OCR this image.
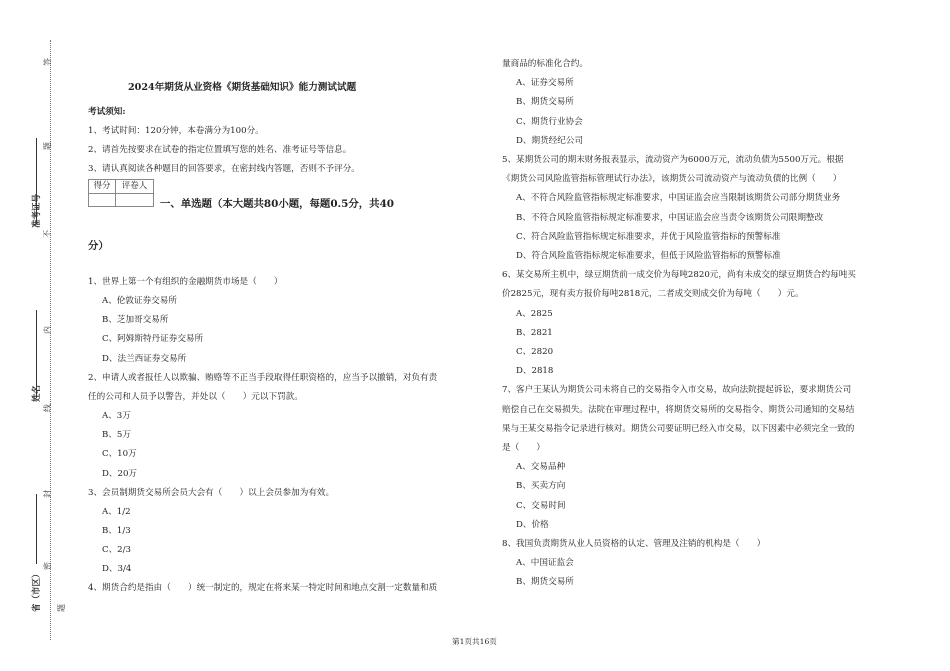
答
题
不
内
线
封
密
题
准考证号
姓名
省（市区）
2024年期货从业资格《期货基础知识》能力测试试题
考试须知:
1、考试时间：120分钟，本卷满分为100分。
2、请首先按要求在试卷的指定位置填写您的姓名、准考证号等信息。
3、请认真阅读各种题目的回答要求，在密封线内答题，否则不予评分。
得分	评卷人
一、单选题（本大题共80小题，每题0.5分，共40
分）
1、世界上第一个有组织的金融期货市场是（　　）
A、伦敦证券交易所
B、芝加哥交易所
C、阿姆斯特丹证券交易所
D、法兰西证券交易所
2、申请人或者报任人以欺骗、贿赂等不正当手段取得任职资格的，应当予以撤销，对负有责
任的公司和人员予以警告，并处以（　　）元以下罚款。
A、3万
B、5万
C、10万
D、20万
3、会员制期货交易所会员大会有（　　）以上会员参加为有效。
A、1/2
B、1/3
C、2/3
D、3/4
4、期货合约是指由（　　）统一制定的，规定在将来某一特定时间和地点交割一定数量和质
量商品的标准化合约。
A、证券交易所
B、期货交易所
C、期货行业协会
D、期货经纪公司
5、某期货公司的期末财务报表显示，流动资产为6000万元，流动负债为5500万元。根据
《期货公司风险监管指标管理试行办法》，该期货公司流动资产与流动负债的比例（　　）
A、不符合风险监管指标规定标准要求，中国证监会应当限制该期货公司部分期货业务
B、不符合风险监管指标规定标准要求，中国证监会应当责令该期货公司限期整改
C、符合风险监管指标规定标准要求，并优于风险监管指标的预警标准
D、符合风险监管指标规定标准要求，但低于风险监管指标的预警标准
6、某交易所主机中，绿豆期货前一成交价为每吨2820元，尚有未成交的绿豆期货合约每吨买
价2825元，现有卖方报价每吨2818元，二者成交则成交价为每吨（　　）元。
A、2825
B、2821
C、2820
D、2818
7、客户王某认为期货公司未将自己的交易指令入市交易，故向法院提起诉讼，要求期货公司
赔偿自己在交易损失。法院在审理过程中，将期货交易所的交易指令、期货公司通知的交易结
果与王某交易指令记录进行核对。期货公司要证明已经入市交易，以下因素中必须完全一致的
是（　　）
A、交易品种
B、买卖方向
C、交易时间
D、价格
8、我国负责期货从业人员资格的认定、管理及注销的机构是（　　）
A、中国证监会
B、期货交易所
第1页共16页
